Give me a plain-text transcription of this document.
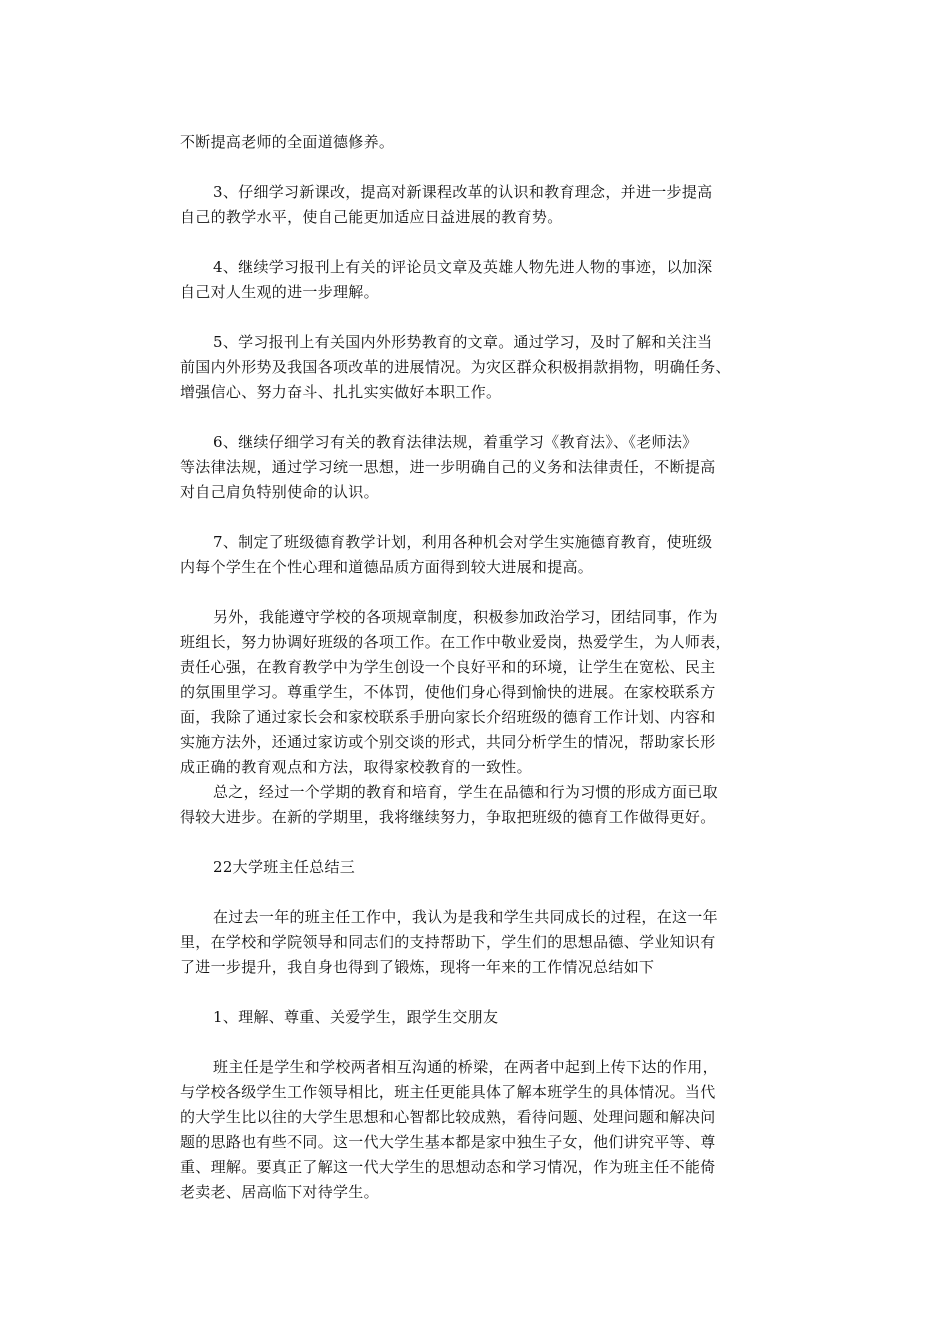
不断提高老师的全面道德修养。

3、仔细学习新课改，提高对新课程改革的认识和教育理念，并进一步提高
自己的教学水平，使自己能更加适应日益进展的教育势。

4、继续学习报刊上有关的评论员文章及英雄人物先进人物的事迹，以加深
自己对人生观的进一步理解。

5、学习报刊上有关国内外形势教育的文章。通过学习，及时了解和关注当
前国内外形势及我国各项改革的进展情况。为灾区群众积极捐款捐物，明确任务、
增强信心、努力奋斗、扎扎实实做好本职工作。

6、继续仔细学习有关的教育法律法规，着重学习《教育法》、《老师法》
等法律法规，通过学习统一思想，进一步明确自己的义务和法律责任，不断提高
对自己肩负特别使命的认识。

7、制定了班级德育教学计划，利用各种机会对学生实施德育教育，使班级
内每个学生在个性心理和道德品质方面得到较大进展和提高。

另外，我能遵守学校的各项规章制度，积极参加政治学习，团结同事，作为
班组长，努力协调好班级的各项工作。在工作中敬业爱岗，热爱学生，为人师表，
责任心强，在教育教学中为学生创设一个良好平和的环境，让学生在宽松、民主
的氛围里学习。尊重学生，不体罚，使他们身心得到愉快的进展。在家校联系方
面，我除了通过家长会和家校联系手册向家长介绍班级的德育工作计划、内容和
实施方法外，还通过家访或个别交谈的形式，共同分析学生的情况，帮助家长形
成正确的教育观点和方法，取得家校教育的一致性。

总之，经过一个学期的教育和培育，学生在品德和行为习惯的形成方面已取
得较大进步。在新的学期里，我将继续努力，争取把班级的德育工作做得更好。

22大学班主任总结三

在过去一年的班主任工作中，我认为是我和学生共同成长的过程，在这一年
里，在学校和学院领导和同志们的支持帮助下，学生们的思想品德、学业知识有
了进一步提升，我自身也得到了锻炼，现将一年来的工作情况总结如下

1、理解、尊重、关爱学生，跟学生交朋友

班主任是学生和学校两者相互沟通的桥梁，在两者中起到上传下达的作用，
与学校各级学生工作领导相比，班主任更能具体了解本班学生的具体情况。当代
的大学生比以往的大学生思想和心智都比较成熟，看待问题、处理问题和解决问
题的思路也有些不同。这一代大学生基本都是家中独生子女，他们讲究平等、尊
重、理解。要真正了解这一代大学生的思想动态和学习情况，作为班主任不能倚
老卖老、居高临下对待学生。
